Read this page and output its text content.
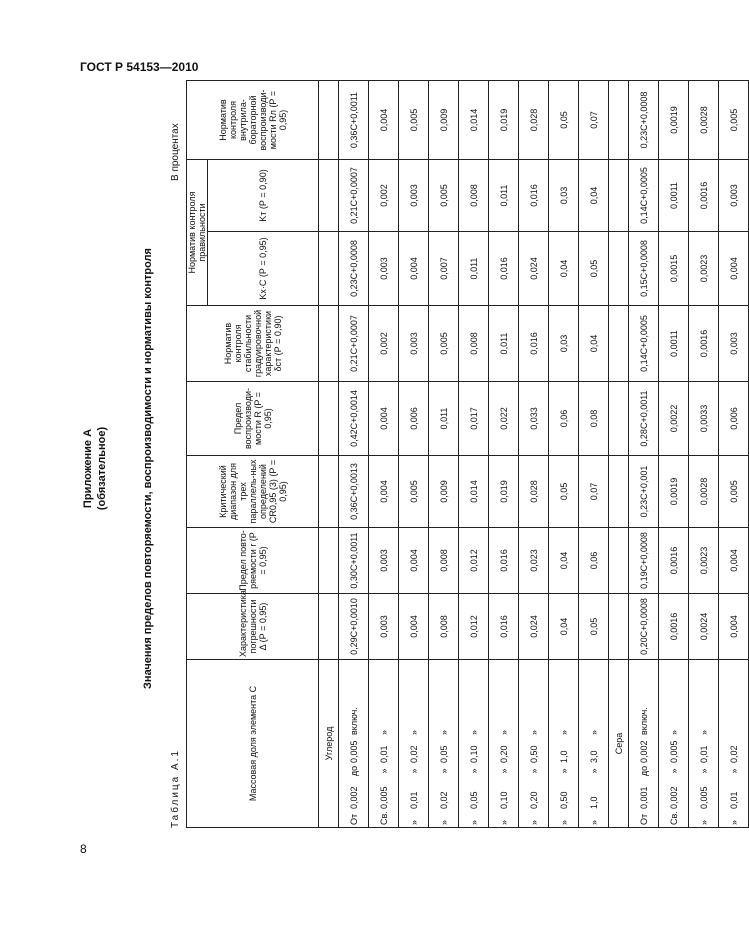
ГОСТ Р 54153—2010
8
Приложение А (обязательное)	Значения пределов повторяемости, воспроизводимости и нормативы контроля
Таблица А.1
В процентах
Массовая доля элемента С	Характеристика погрешности Δ (Р = 0,95)	Предел повто-ряемости r (P = 0,95)	Критический диапазон для трех параллель-ных определений CR0,95 (3) (Р = 0,95)	Предел воспроизводи-мости R (P = 0,95)	Норматив контроля стабильности градуировочной характеристики δст (Р = 0,90)	Норматив контроля правильности		Норматив контроля внутрила-бораторной воспроизводи-мости Rл (Р = 0,95)
						Kх·С (Р = 0,95)	Kт (Р = 0,90)	
Углерод								
От0,002до0,005включ.	0,29С+0,0010	0,30С+0,0011	0,36С+0,0013	0,42С+0,0014	0,21С+0,0007	0,23С+0,0008	0,21С+0,0007	0,36С+0,0011
Св.0,005»0,01»	0,003	0,003	0,004	0,004	0,002	0,003	0,002	0,004
»0,01»0,02»	0,004	0,004	0,005	0,006	0,003	0,004	0,003	0,005
»0,02»0,05»	0,008	0,008	0,009	0,011	0,005	0,007	0,005	0,009
»0,05»0,10»	0,012	0,012	0,014	0,017	0,008	0,011	0,008	0,014
»0,10»0,20»	0,016	0,016	0,019	0,022	0,011	0,016	0,011	0,019
»0,20»0,50»	0,024	0,023	0,028	0,033	0,016	0,024	0,016	0,028
»0,50»1,0»	0,04	0,04	0,05	0,06	0,03	0,04	0,03	0,05
»1,0»3,0»	0,05	0,06	0,07	0,08	0,04	0,05	0,04	0,07
Сера								
От0,001до0,002включ.	0,20С+0,0008	0,19С+0,0008	0,23С+0,001	0,28С+0,0011	0,14С+0,0005	0,15С+0,0008	0,14С+0,0005	0,23С+0,0008
Св.0,002»0,005»	0,0016	0,0016	0,0019	0,0022	0,0011	0,0015	0,0011	0,0019
»0,005»0,01»	0,0024	0,0023	0,0028	0,0033	0,0016	0,0023	0,0016	0,0028
»0,01»0,02	0,004	0,004	0,005	0,006	0,003	0,004	0,003	0,005
